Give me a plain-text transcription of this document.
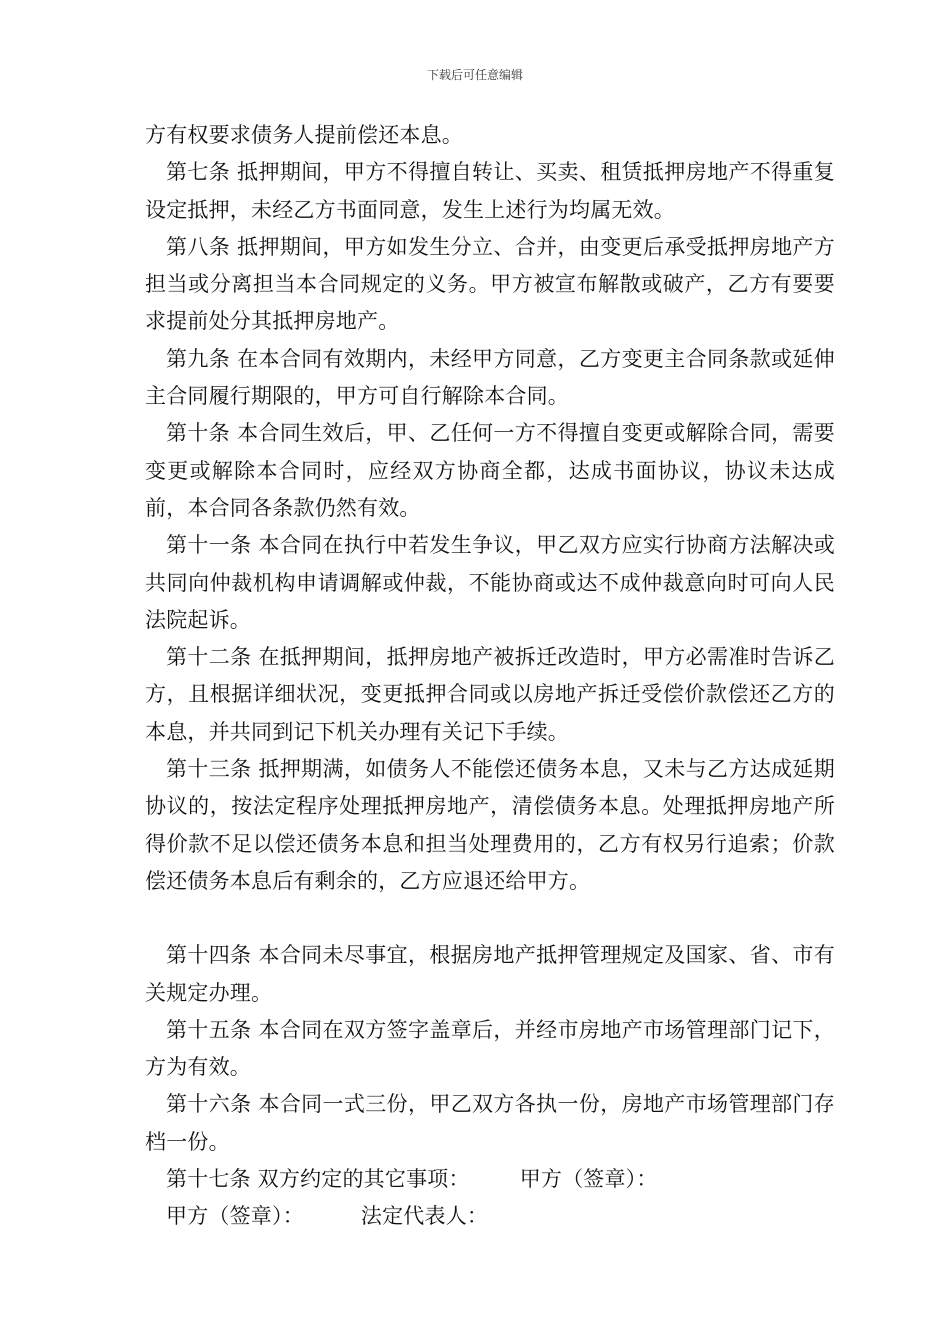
下载后可任意编辑

方有权要求债务人提前偿还本息。

第七条 抵押期间，甲方不得擅自转让、买卖、租赁抵押房地产不得重复设定抵押，未经乙方书面同意，发生上述行为均属无效。

第八条 抵押期间，甲方如发生分立、合并，由变更后承受抵押房地产方担当或分离担当本合同规定的义务。甲方被宣布解散或破产，乙方有要要求提前处分其抵押房地产。

第九条 在本合同有效期内，未经甲方同意，乙方变更主合同条款或延伸主合同履行期限的，甲方可自行解除本合同。

第十条 本合同生效后，甲、乙任何一方不得擅自变更或解除合同，需要变更或解除本合同时，应经双方协商全都，达成书面协议，协议未达成前，本合同各条款仍然有效。

第十一条 本合同在执行中若发生争议，甲乙双方应实行协商方法解决或共同向仲裁机构申请调解或仲裁，不能协商或达不成仲裁意向时可向人民法院起诉。

第十二条 在抵押期间，抵押房地产被拆迁改造时，甲方必需准时告诉乙方，且根据详细状况，变更抵押合同或以房地产拆迁受偿价款偿还乙方的本息，并共同到记下机关办理有关记下手续。

第十三条 抵押期满，如债务人不能偿还债务本息，又未与乙方达成延期协议的，按法定程序处理抵押房地产，清偿债务本息。处理抵押房地产所得价款不足以偿还债务本息和担当处理费用的，乙方有权另行追索；价款偿还债务本息后有剩余的，乙方应退还给甲方。

第十四条 本合同未尽事宜，根据房地产抵押管理规定及国家、省、市有关规定办理。

第十五条 本合同在双方签字盖章后，并经市房地产市场管理部门记下，方为有效。

第十六条 本合同一式三份，甲乙双方各执一份，房地产市场管理部门存档一份。

第十七条 双方约定的其它事项： 甲方（签章）：

甲方（签章）：	法定代表人：
